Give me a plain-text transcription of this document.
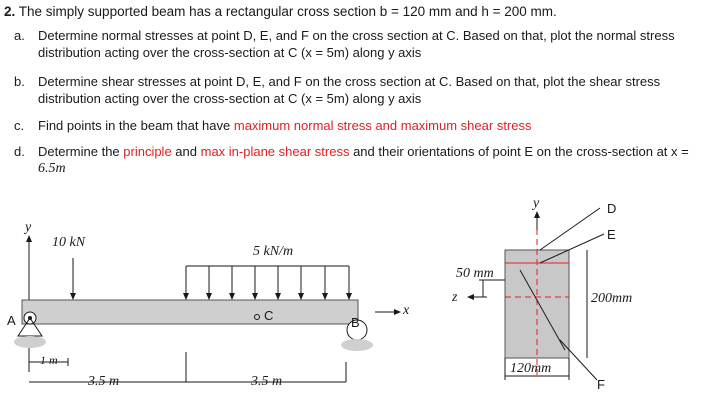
2. The simply supported beam has a rectangular cross section b = 120 mm and h = 200 mm.
a. Determine normal stresses at point D, E, and F on the cross section at C. Based on that, plot the normal stress
distribution acting over the cross-section at C (x = 5m) along y axis
b. Determine shear stresses at point D, E, and F on the cross section at C. Based on that, plot the shear stress
distribution acting over the cross-section at C (x = 5m) along y axis
c. Find points in the beam that have maximum normal stress and maximum shear stress
d. Determine the principle and max in-plane shear stress and their orientations of point E on the cross-section at x =
6.5m
y
10 kN
5 kN/m
C
A	B
x
1 m
3.5 m	3.5 m
y	D
E
F
50 mm
z	200mm
120mm
